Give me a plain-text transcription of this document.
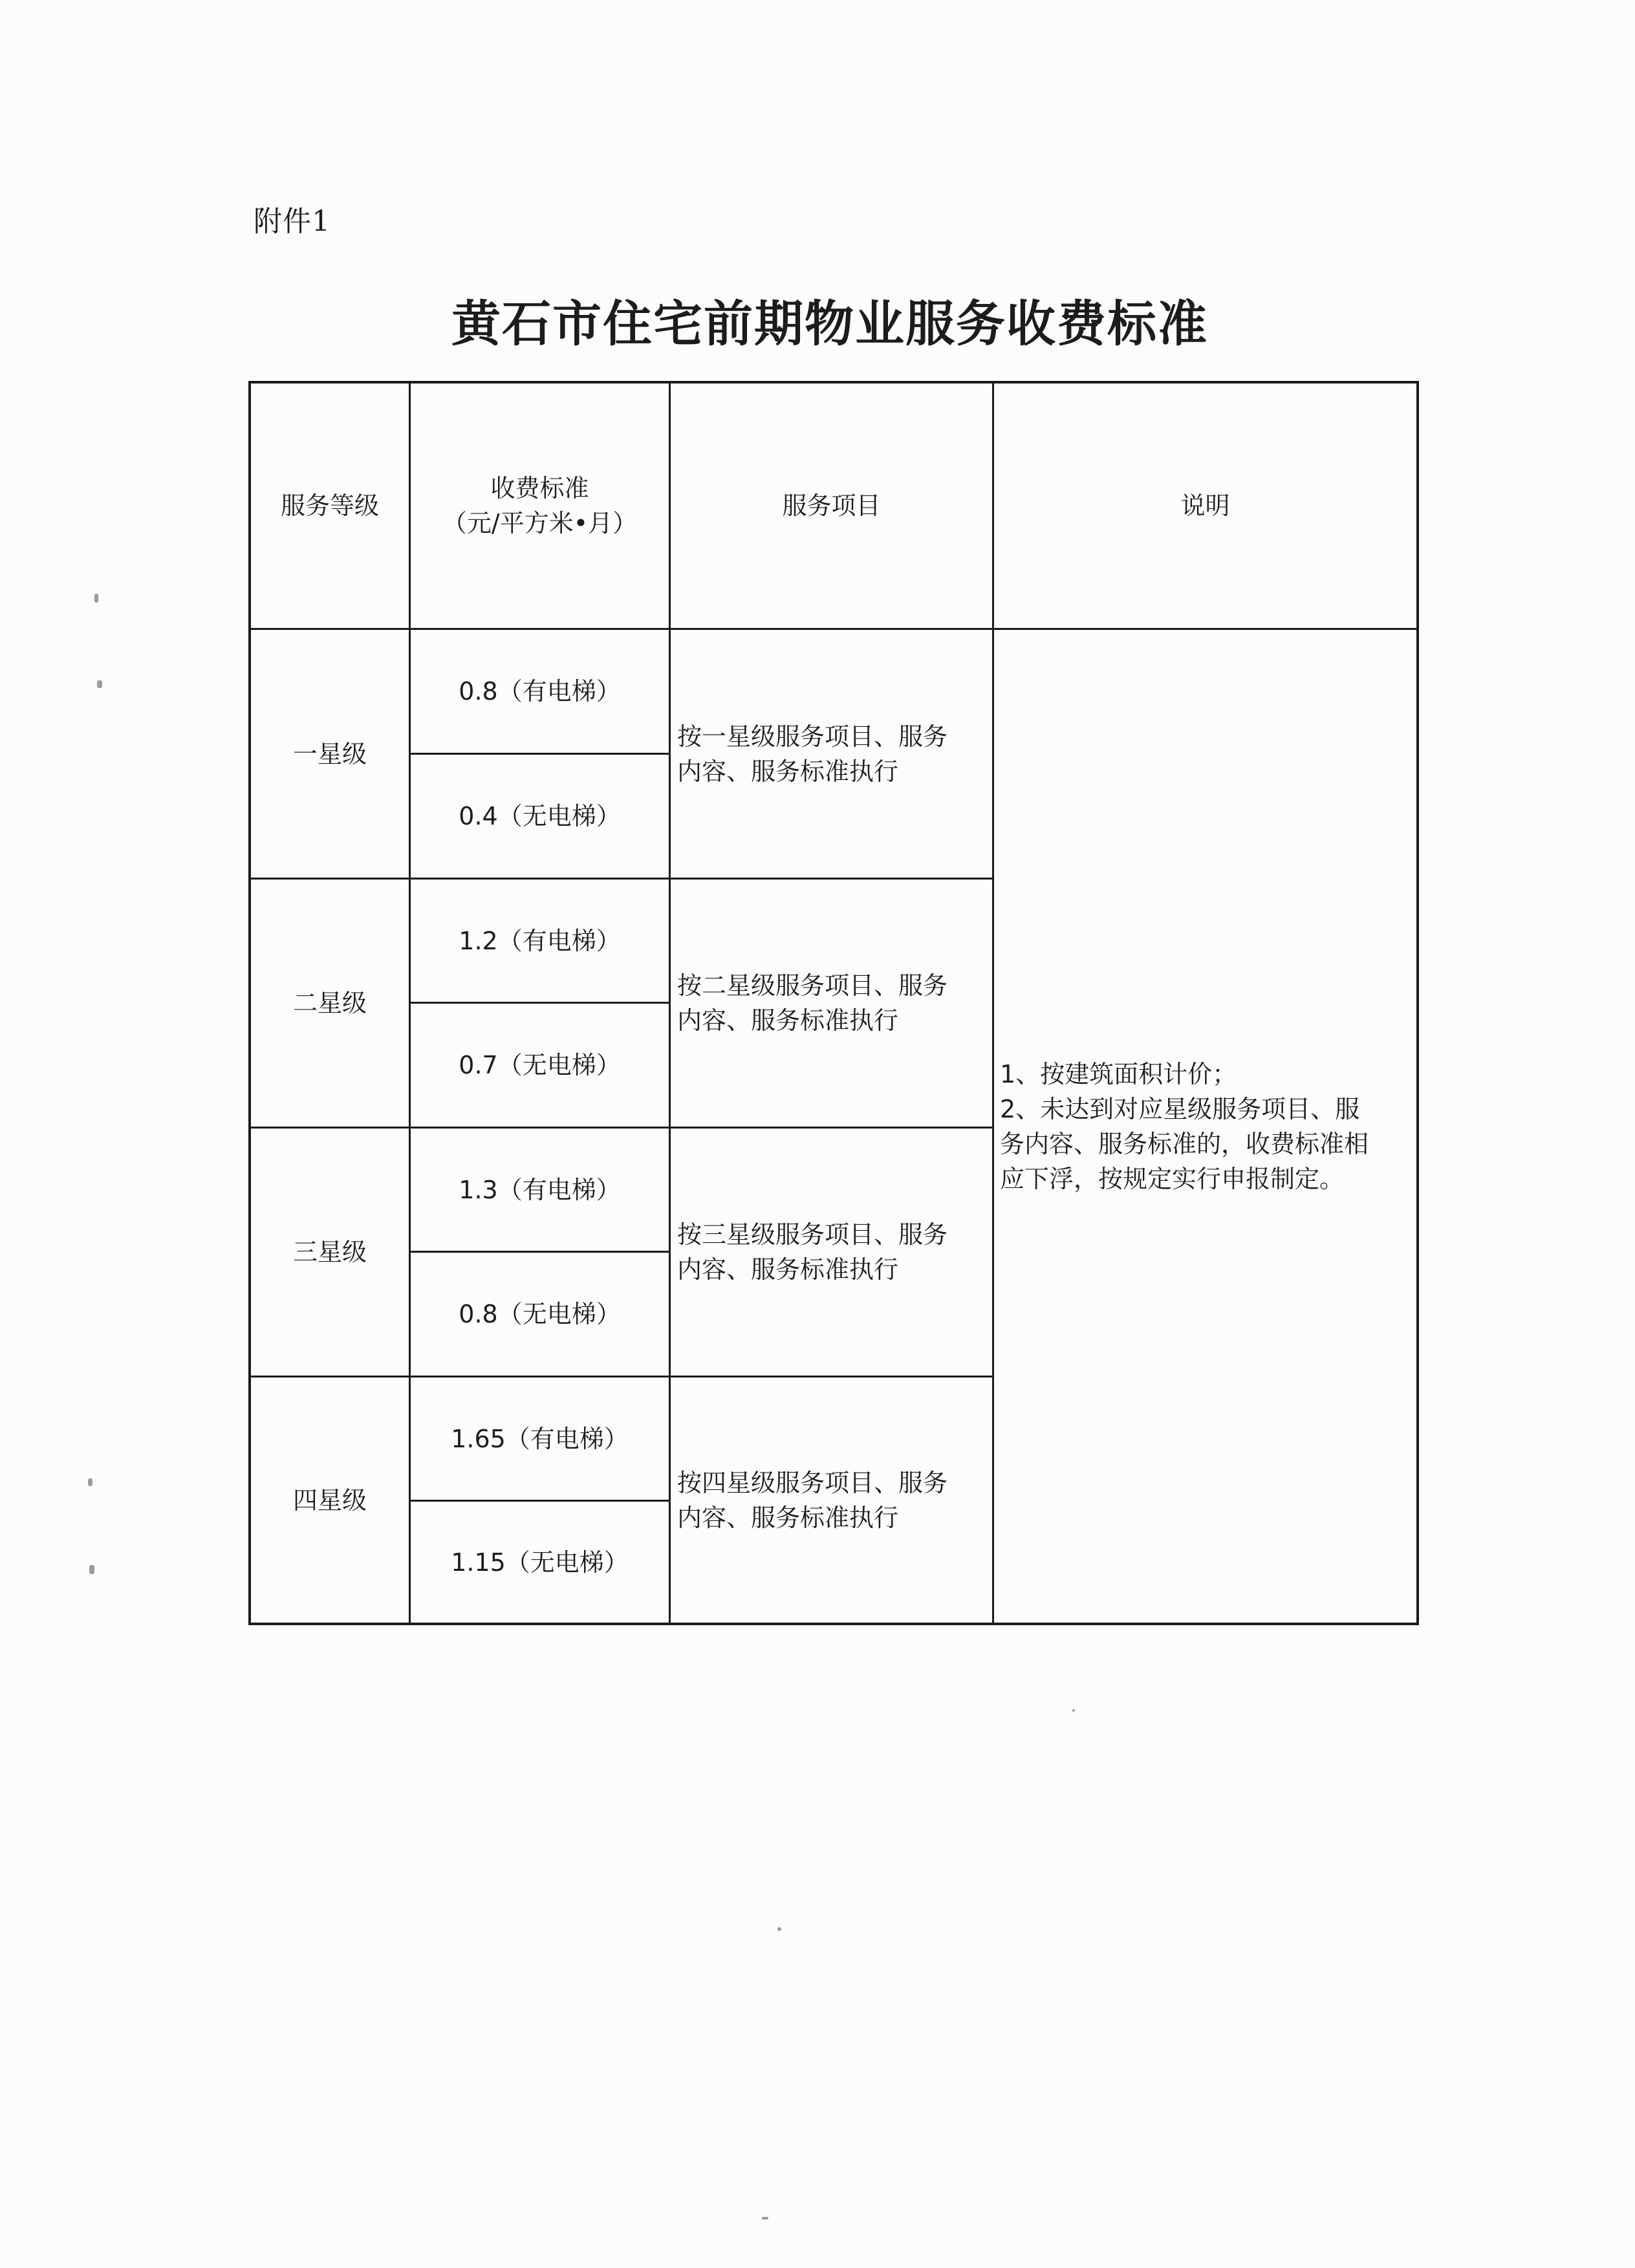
附件1
黄石市住宅前期物业服务收费标准
服务等级
收费标准
（元/平方米•月）
服务项目	说明
一星级
0.8（有电梯）
0.4（无电梯）
按一星级服务项目、服务
内容、服务标准执行
二星级
1.2（有电梯）
0.7（无电梯）
按二星级服务项目、服务
内容、服务标准执行
三星级
1.3（有电梯）
0.8（无电梯）
按三星级服务项目、服务
内容、服务标准执行
四星级
1.65（有电梯）
1.15（无电梯）
按四星级服务项目、服务
内容、服务标准执行
1、按建筑面积计价；
2、未达到对应星级服务项目、服
务内容、服务标准的，收费标准相
应下浮，按规定实行申报制定。
